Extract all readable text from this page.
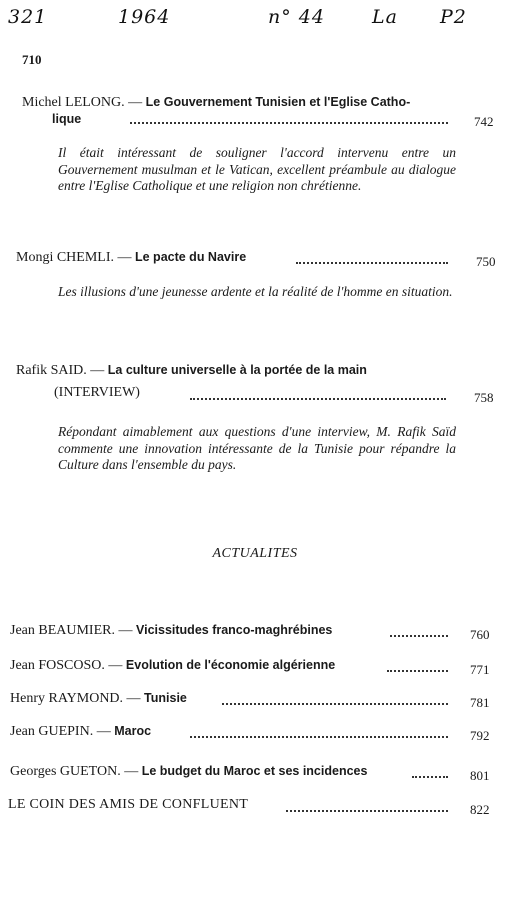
321	1964	n° 44 La P2
710
Michel LELONG. — Le Gouvernement Tunisien et l'Eglise Catho-
lique	742
Il était intéressant de souligner l'accord intervenu entre un Gouvernement musulman et le Vatican, excellent préambule au dialogue entre l'Eglise Catholique et une religion non chrétienne.
Mongi CHEMLI. — Le pacte du Navire	750
Les illusions d'une jeunesse ardente et la réalité de l'homme en situation.
Rafik SAID. — La culture universelle à la portée de la main
(INTERVIEW)	758
Répondant aimablement aux questions d'une interview, M. Rafik Saïd commente une innovation intéressante de la Tunisie pour répandre la Culture dans l'ensemble du pays.
ACTUALITES
Jean BEAUMIER. — Vicissitudes franco-maghrébines	760
Jean FOSCOSO. — Evolution de l'économie algérienne	771
Henry RAYMOND. — Tunisie	781
Jean GUEPIN. — Maroc	792
Georges GUETON. — Le budget du Maroc et ses incidences	801
LE COIN DES AMIS DE CONFLUENT	822
